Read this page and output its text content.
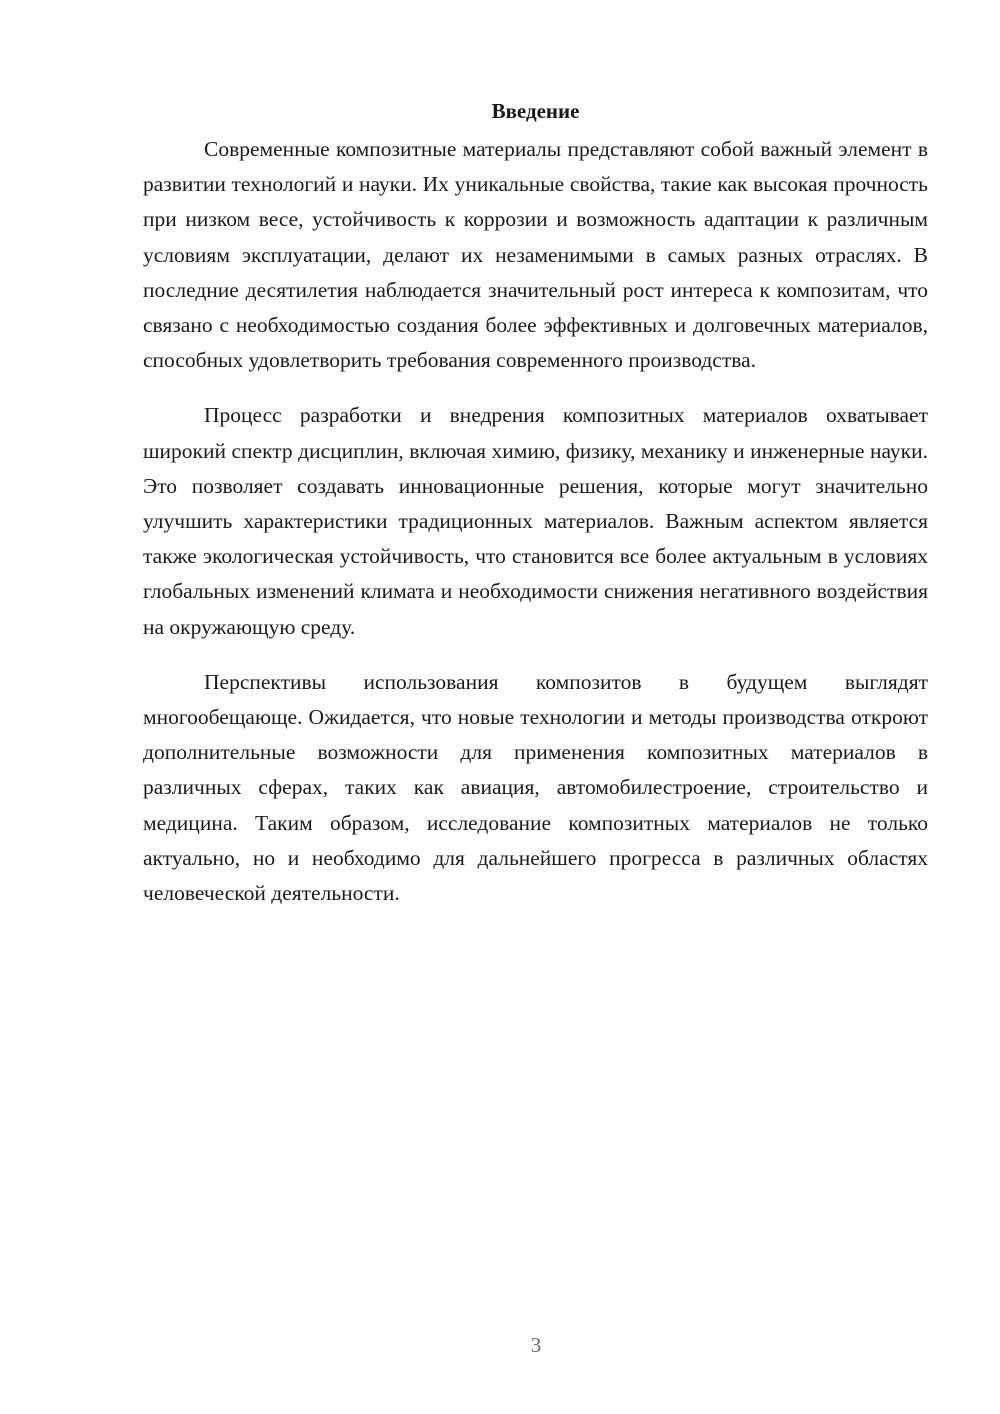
Введение

Современные композитные материалы представляют собой важный элемент в развитии технологий и науки. Их уникальные свойства, такие как высокая прочность при низком весе, устойчивость к коррозии и возможность адаптации к различным условиям эксплуатации, делают их незаменимыми в самых разных отраслях. В последние десятилетия наблюдается значительный рост интереса к композитам, что связано с необходимостью создания более эффективных и долговечных материалов, способных удовлетворить требования современного производства.

Процесс разработки и внедрения композитных материалов охватывает широкий спектр дисциплин, включая химию, физику, механику и инженерные науки. Это позволяет создавать инновационные решения, которые могут значительно улучшить характеристики традиционных материалов. Важным аспектом является также экологическая устойчивость, что становится все более актуальным в условиях глобальных изменений климата и необходимости снижения негативного воздействия на окружающую среду.

Перспективы использования композитов в будущем выглядят многообещающе. Ожидается, что новые технологии и методы производства откроют дополнительные возможности для применения композитных материалов в различных сферах, таких как авиация, автомобилестроение, строительство и медицина. Таким образом, исследование композитных материалов не только актуально, но и необходимо для дальнейшего прогресса в различных областях человеческой деятельности.

3
